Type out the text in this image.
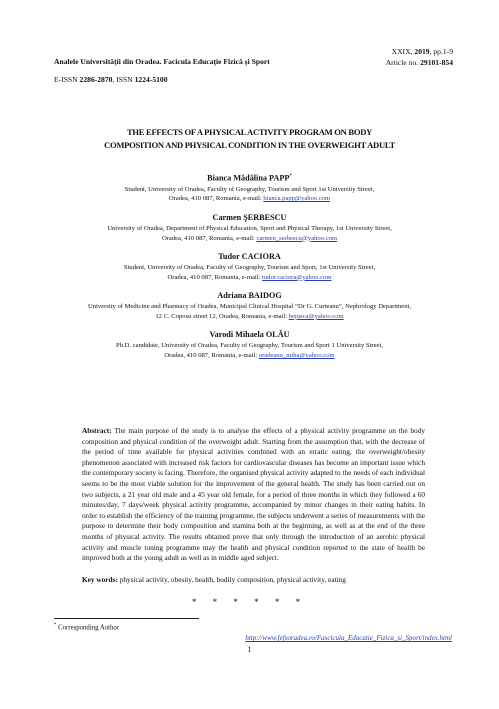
Analele Universităţii din Oradea. Facicula Educaţie Fizică şi Sport
E-ISSN 2286-2870, ISSN 1224-5100
XXIX, 2019, pp.1-9
Article no. 29101-854
THE EFFECTS OF A PHYSICAL ACTIVITY PROGRAM ON BODY
COMPOSITION AND PHYSICAL CONDITION IN THE OVERWEIGHT ADULT
Bianca Mădălina PAPP*
Student, University of Oradea, Faculty of Geography, Tourism and Sport 1st University Street,
Oradea, 410 087, Romania, e-mail: bianca.papp@yahoo.com
Carmen ŞERBESCU
University of Oradea, Department of Physical Education, Sport and Physical Therapy, 1st University Street,
Oradea, 410 087, Romania, e-mail: carmen_serbescu@yahoo.com
Tudor CACIORA
Student, University of Oradea, Faculty of Geography, Tourism and Sport, 1st University Street,
Oradea, 410 087, Romania, e-mail: tudor.caciora@yahoo.com
Adriana BAIDOG
University of Medicine and Pharmacy of Oradea, Municipal Clinical Hospital “Dr G. Curteanu”, Nephrology Department,
12 C. Coposu street 12, Oradea, Romania, e-mail: bejusca@yahoo.com
Varodi Mihaela OLĂU
Ph.D. candidate, University of Oradea, Faculty of Geography, Tourism and Sport 1 University Street,
Oradea, 410 087, Romania, e-mail: oradeanu_miha@yahoo.com
Abstract: The main purpose of the study is to analyse the effects of a physical activity programme on the body composition and physical condition of the overweight adult. Starting from the assumption that, with the decrease of the period of time available for physical activities combined with an erratic eating, the overweight/obesity phenomenon associated with increased risk factors for cardiovascular diseases has become an important issue which the contemporary society is facing. Therefore, the organised physical activity adapted to the needs of each individual seems to be the most viable solution for the improvement of the general health. The study has been carried out on two subjects, a 21 year old male and a 45 year old female, for a period of three months in which they followed a 60 minutes/day, 7 days/week physical activity programme, accompanied by minor changes in their eating habits. In order to establish the efficiency of the training programme, the subjects underwent a series of measurements with the purpose to determine their body composition and stamina both at the beginning, as well as at the end of the three months of physical activity. The results obtained prove that only through the introduction of an aerobic physical activity and muscle toning programme may the health and physical condition reported to the state of health be improved both at the young adult as well as in middle aged subject.
Key words: physical activity, obesity, health, bodily composition, physical activity, eating
* * * * * *
* Corresponding Author
http://www.fefsoradea.ro/Fascicula_Educatie_Fizica_si_Sport/index.html
1
